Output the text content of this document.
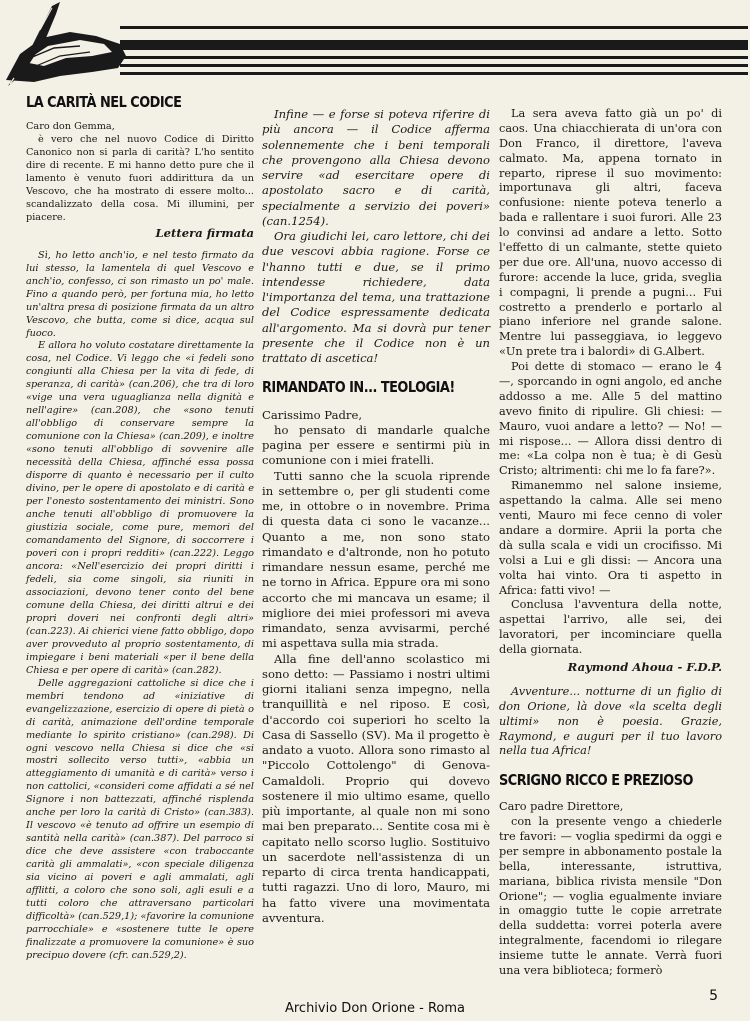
LA CARITÀ NEL CODICE

Caro don Gemma,

è vero che nel nuovo Codice di Diritto Canonico non si parla di carità? L'ho sentito dire di recente. E mi hanno detto pure che il lamento è venuto fuori addirittura da un Vescovo, che ha mostrato di essere molto... scandalizzato della cosa. Mi illumini, per piacere.

Lettera firmata

Sì, ho letto anch'io, e nel testo firmato da lui stesso, la lamentela di quel Vescovo e anch'io, confesso, ci son rimasto un po' male. Fino a quando però, per fortuna mia, ho letto un'altra presa di posizione firmata da un altro Vescovo, che butta, come si dice, acqua sul fuoco.

E allora ho voluto costatare direttamente la cosa, nel Codice. Vi leggo che «i fedeli sono congiunti alla Chiesa per la vita di fede, di speranza, di carità» (can.206), che tra di loro «vige una vera uguaglianza nella dignità e nell'agire» (can.208), che «sono tenuti all'obbligo di conservare sempre la comunione con la Chiesa» (can.209), e inoltre «sono tenuti all'obbligo di sovvenire alle necessità della Chiesa, affinché essa possa disporre di quanto è necessario per il culto divino, per le opere di apostolato e di carità e per l'onesto sostentamento dei ministri. Sono anche tenuti all'obbligo di promuovere la giustizia sociale, come pure, memori del comandamento del Signore, di soccorrere i poveri con i propri redditi» (can.222). Leggo ancora: «Nell'esercizio dei propri diritti i fedeli, sia come singoli, sia riuniti in associazioni, devono tener conto del bene comune della Chiesa, dei diritti altrui e dei propri doveri nei confronti degli altri» (can.223). Ai chierici viene fatto obbligo, dopo aver provveduto al proprio sostentamento, di impiegare i beni materiali «per il bene della Chiesa e per opere di carità» (can.282).

Delle aggregazioni cattoliche si dice che i membri tendono ad «iniziative di evangelizzazione, esercizio di opere di pietà o di carità, animazione dell'ordine temporale mediante lo spirito cristiano» (can.298). Di ogni vescovo nella Chiesa si dice che «si mostri sollecito verso tutti», «abbia un atteggiamento di umanità e di carità» verso i non cattolici, «consideri come affidati a sé nel Signore i non battezzati, affinché risplenda anche per loro la carità di Cristo» (can.383). Il vescovo «è tenuto ad offrire un esempio di santità nella carità» (can.387). Del parroco si dice che deve assistere «con traboccante carità gli ammalati», «con speciale diligenza sia vicino ai poveri e agli ammalati, agli afflitti, a coloro che sono soli, agli esuli e a tutti coloro che attraversano particolari difficoltà» (can.529,1); «favorire la comunione parrocchiale» e «sostenere tutte le opere finalizzate a promuovere la comunione» è suo precipuo dovere (cfr. can.529,2).

Infine — e forse si poteva riferire di più ancora — il Codice afferma solennemente che i beni temporali che provengono alla Chiesa devono servire «ad esercitare opere di apostolato sacro e di carità, specialmente a servizio dei poveri» (can.1254).

Ora giudichi lei, caro lettore, chi dei due vescovi abbia ragione. Forse ce l'hanno tutti e due, se il primo intendesse richiedere, data l'importanza del tema, una trattazione del Codice espressamente dedicata all'argomento. Ma si dovrà pur tener presente che il Codice non è un trattato di ascetica!

RIMANDATO IN... TEOLOGIA!

Carissimo Padre,

ho pensato di mandarle qualche pagina per essere e sentirmi più in comunione con i miei fratelli.

Tutti sanno che la scuola riprende in settembre o, per gli studenti come me, in ottobre o in novembre. Prima di questa data ci sono le vacanze... Quanto a me, non sono stato rimandato e d'altronde, non ho potuto rimandare nessun esame, perché me ne torno in Africa. Eppure ora mi sono accorto che mi mancava un esame; il migliore dei miei professori mi aveva rimandato, senza avvisarmi, perché mi aspettava sulla mia strada.

Alla fine dell'anno scolastico mi sono detto: — Passiamo i nostri ultimi giorni italiani senza impegno, nella tranquillità e nel riposo. E così, d'accordo coi superiori ho scelto la Casa di Sassello (SV). Ma il progetto è andato a vuoto. Allora sono rimasto al "Piccolo Cottolengo" di Genova-Camaldoli. Proprio qui dovevo sostenere il mio ultimo esame, quello più importante, al quale non mi sono mai ben preparato... Sentite cosa mi è capitato nello scorso luglio. Sostituivo un sacerdote nell'assistenza di un reparto di circa trenta handicappati, tutti ragazzi. Uno di loro, Mauro, mi ha fatto vivere una movimentata avventura.

La sera aveva fatto già un po' di caos. Una chiacchierata di un'ora con Don Franco, il direttore, l'aveva calmato. Ma, appena tornato in reparto, riprese il suo movimento: importunava gli altri, faceva confusione: niente poteva tenerlo a bada e rallentare i suoi furori. Alle 23 lo convinsi ad andare a letto. Sotto l'effetto di un calmante, stette quieto per due ore. All'una, nuovo accesso di furore: accende la luce, grida, sveglia i compagni, li prende a pugni... Fui costretto a prenderlo e portarlo al piano inferiore nel grande salone. Mentre lui passeggiava, io leggevo «Un prete tra i balordi» di G.Albert.

Poi dette di stomaco — erano le 4 —, sporcando in ogni angolo, ed anche addosso a me. Alle 5 del mattino avevo finito di ripulire. Gli chiesi: — Mauro, vuoi andare a letto? — No! — mi rispose... — Allora dissi dentro di me: «La colpa non è tua; è di Gesù Cristo; altrimenti: chi me lo fa fare?».

Rimanemmo nel salone insieme, aspettando la calma. Alle sei meno venti, Mauro mi fece cenno di voler andare a dormire. Aprii la porta che dà sulla scala e vidi un crocifisso. Mi volsi a Lui e gli dissi: — Ancora una volta hai vinto. Ora ti aspetto in Africa: fatti vivo! —

Conclusa l'avventura della notte, aspettai l'arrivo, alle sei, dei lavoratori, per incominciare quella della giornata.

Raymond Ahoua - F.D.P.

Avventure... notturne di un figlio di don Orione, là dove «la scelta degli ultimi» non è poesia. Grazie, Raymond, e auguri per il tuo lavoro nella tua Africa!

SCRIGNO RICCO E PREZIOSO

Caro padre Direttore,

con la presente vengo a chiederle tre favori: — voglia spedirmi da oggi e per sempre in abbonamento postale la bella, interessante, istruttiva, mariana, biblica rivista mensile "Don Orione"; — voglia egualmente inviare in omaggio tutte le copie arretrate della suddetta: vorrei poterla avere integralmente, facendomi io rilegare insieme tutte le annate. Verrà fuori una vera biblioteca; formerò

5
Archivio Don Orione - Roma
